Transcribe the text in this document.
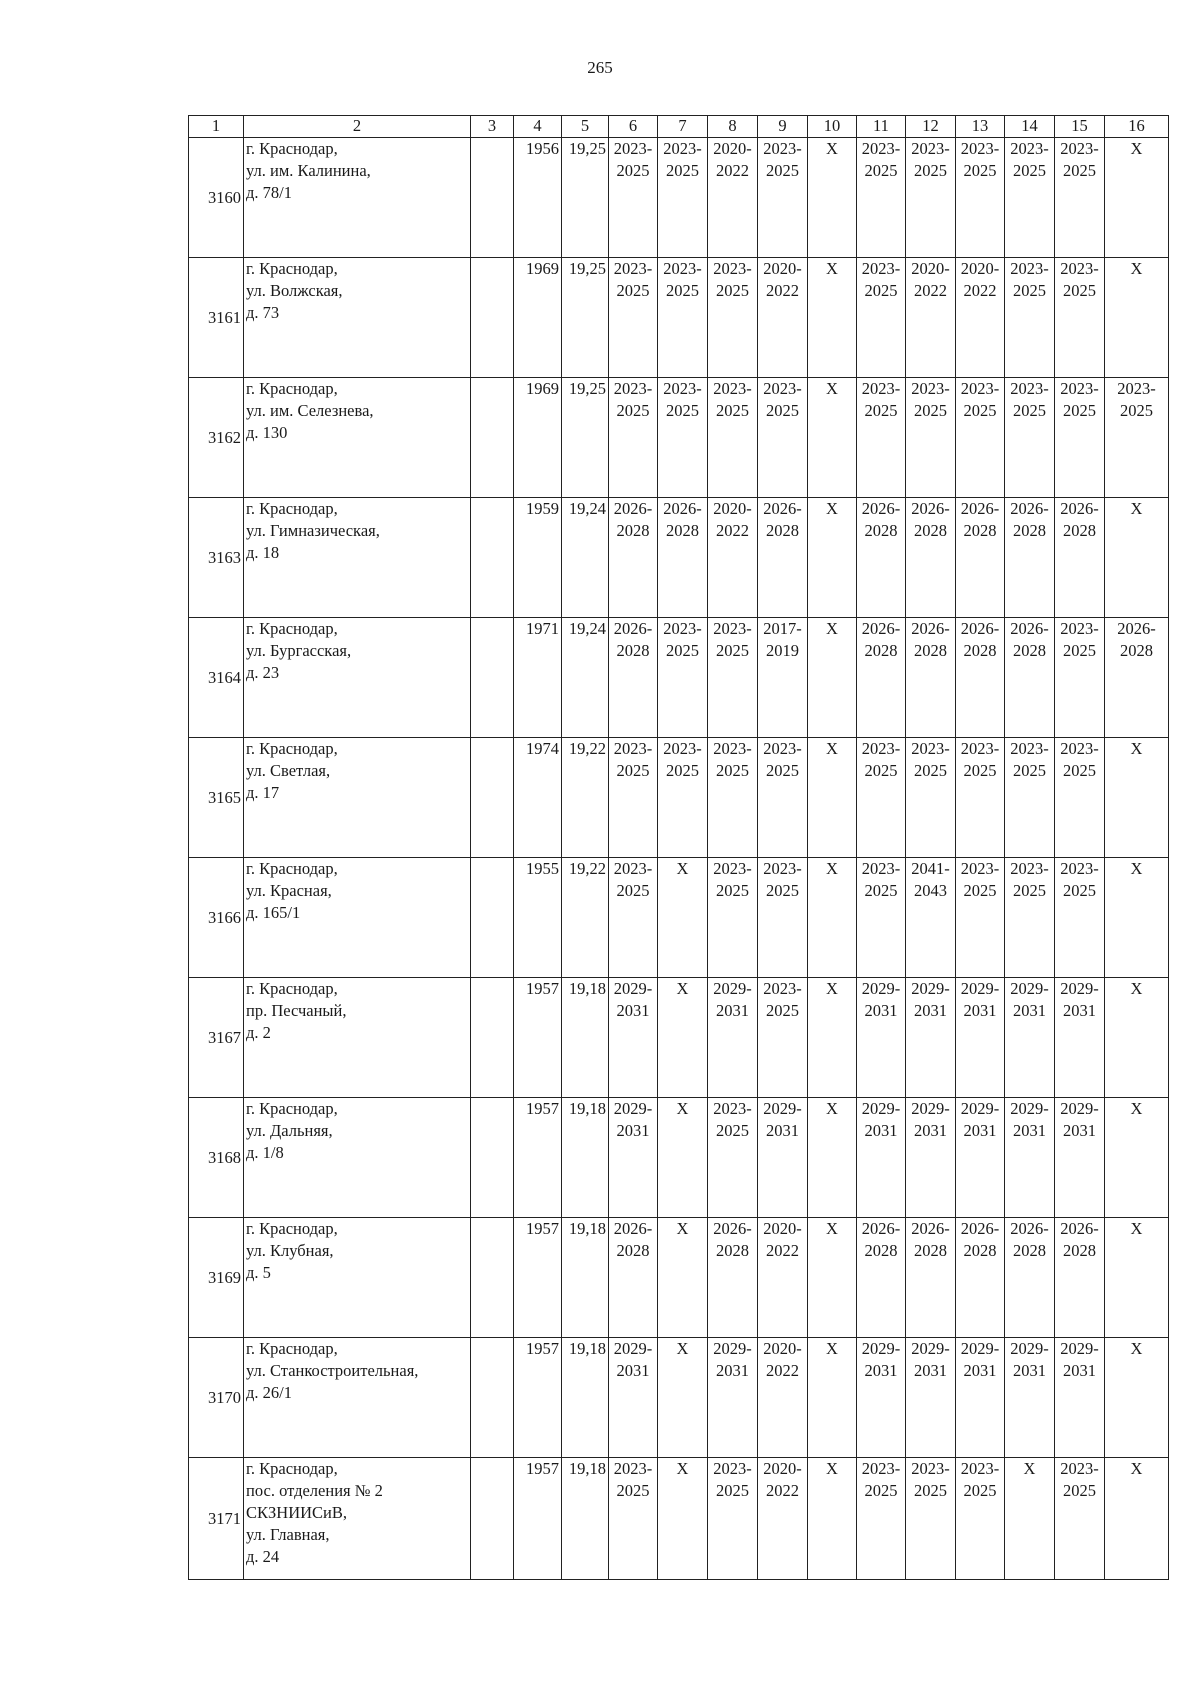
265
1	2	3	4	5	6	7	8	9	10	11	12	13	14	15	16
3160	г. Краснодар,
ул. им. Калинина,
д. 78/1		1956	19,25	2023-
2025	2023-
2025	2020-
2022	2023-
2025	Х	2023-
2025	2023-
2025	2023-
2025	2023-
2025	2023-
2025	Х
3161	г. Краснодар,
ул. Волжская,
д. 73		1969	19,25	2023-
2025	2023-
2025	2023-
2025	2020-
2022	Х	2023-
2025	2020-
2022	2020-
2022	2023-
2025	2023-
2025	Х
3162	г. Краснодар,
ул. им. Селезнева,
д. 130		1969	19,25	2023-
2025	2023-
2025	2023-
2025	2023-
2025	Х	2023-
2025	2023-
2025	2023-
2025	2023-
2025	2023-
2025	2023-
2025
3163	г. Краснодар,
ул. Гимназическая,
д. 18		1959	19,24	2026-
2028	2026-
2028	2020-
2022	2026-
2028	Х	2026-
2028	2026-
2028	2026-
2028	2026-
2028	2026-
2028	Х
3164	г. Краснодар,
ул. Бургасская,
д. 23		1971	19,24	2026-
2028	2023-
2025	2023-
2025	2017-
2019	Х	2026-
2028	2026-
2028	2026-
2028	2026-
2028	2023-
2025	2026-
2028
3165	г. Краснодар,
ул. Светлая,
д. 17		1974	19,22	2023-
2025	2023-
2025	2023-
2025	2023-
2025	Х	2023-
2025	2023-
2025	2023-
2025	2023-
2025	2023-
2025	Х
3166	г. Краснодар,
ул. Красная,
д. 165/1		1955	19,22	2023-
2025	Х	2023-
2025	2023-
2025	Х	2023-
2025	2041-
2043	2023-
2025	2023-
2025	2023-
2025	Х
3167	г. Краснодар,
пр. Песчаный,
д. 2		1957	19,18	2029-
2031	Х	2029-
2031	2023-
2025	Х	2029-
2031	2029-
2031	2029-
2031	2029-
2031	2029-
2031	Х
3168	г. Краснодар,
ул. Дальняя,
д. 1/8		1957	19,18	2029-
2031	Х	2023-
2025	2029-
2031	Х	2029-
2031	2029-
2031	2029-
2031	2029-
2031	2029-
2031	Х
3169	г. Краснодар,
ул. Клубная,
д. 5		1957	19,18	2026-
2028	Х	2026-
2028	2020-
2022	Х	2026-
2028	2026-
2028	2026-
2028	2026-
2028	2026-
2028	Х
3170	г. Краснодар,
ул. Станкостроительная,
д. 26/1		1957	19,18	2029-
2031	Х	2029-
2031	2020-
2022	Х	2029-
2031	2029-
2031	2029-
2031	2029-
2031	2029-
2031	Х
3171	г. Краснодар,
пос. отделения № 2
СКЗНИИСиВ,
ул. Главная,
д. 24		1957	19,18	2023-
2025	Х	2023-
2025	2020-
2022	Х	2023-
2025	2023-
2025	2023-
2025	Х	2023-
2025	Х
